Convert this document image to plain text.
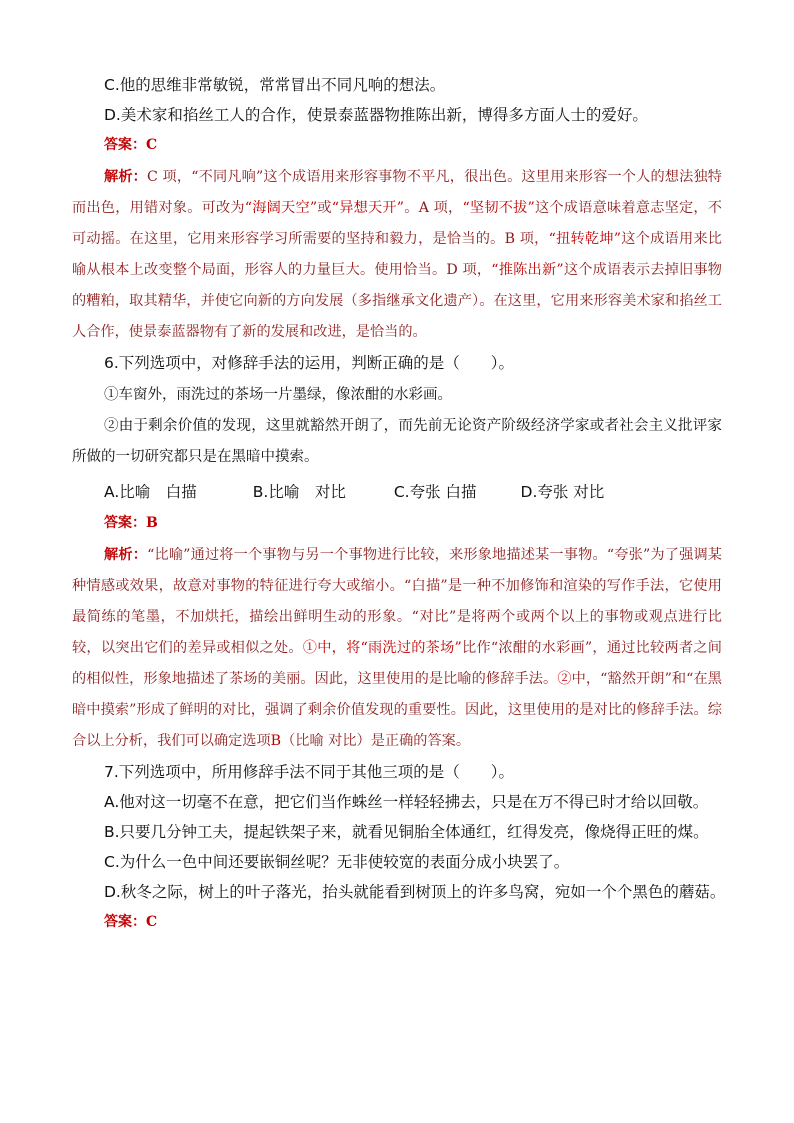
C.他的思维非常敏锐，常常冒出不同凡响的想法。

D.美术家和掐丝工人的合作，使景泰蓝器物推陈出新，博得多方面人士的爱好。

答案：C

解析：C 项，“不同凡响”这个成语用来形容事物不平凡，很出色。这里用来形容一个人的想法独特而出色，用错对象。可改为“海阔天空”或“异想天开”。A 项，“坚韧不拔”这个成语意味着意志坚定，不可动摇。在这里，它用来形容学习所需要的坚持和毅力，是恰当的。B 项，“扭转乾坤”这个成语用来比喻从根本上改变整个局面，形容人的力量巨大。使用恰当。D 项，“推陈出新”这个成语表示去掉旧事物的糟粕，取其精华，并使它向新的方向发展（多指继承文化遗产）。在这里，它用来形容美术家和掐丝工人合作，使景泰蓝器物有了新的发展和改进，是恰当的。

6.下列选项中，对修辞手法的运用，判断正确的是（　　）。

①车窗外，雨洗过的茶场一片墨绿，像浓酣的水彩画。

②由于剩余价值的发现，这里就豁然开朗了，而先前无论资产阶级经济学家或者社会主义批评家所做的一切研究都只是在黑暗中摸索。

A.比喻　白描	B.比喻　对比	C.夸张 白描	D.夸张 对比

答案：B

解析：“比喻”通过将一个事物与另一个事物进行比较，来形象地描述某一事物。“夸张”为了强调某种情感或效果，故意对事物的特征进行夸大或缩小。“白描”是一种不加修饰和渲染的写作手法，它使用最简练的笔墨，不加烘托，描绘出鲜明生动的形象。“对比”是将两个或两个以上的事物或观点进行比较，以突出它们的差异或相似之处。①中，将“雨洗过的茶场”比作“浓酣的水彩画”，通过比较两者之间的相似性，形象地描述了茶场的美丽。因此，这里使用的是比喻的修辞手法。②中，“豁然开朗”和“在黑暗中摸索”形成了鲜明的对比，强调了剩余价值发现的重要性。因此，这里使用的是对比的修辞手法。综合以上分析，我们可以确定选项B（比喻 对比）是正确的答案。

7.下列选项中，所用修辞手法不同于其他三项的是（　　）。

A.他对这一切毫不在意，把它们当作蛛丝一样轻轻拂去，只是在万不得已时才给以回敬。

B.只要几分钟工夫，提起铁架子来，就看见铜胎全体通红，红得发亮，像烧得正旺的煤。

C.为什么一色中间还要嵌铜丝呢？无非使较宽的表面分成小块罢了。

D.秋冬之际，树上的叶子落光，抬头就能看到树顶上的许多鸟窝，宛如一个个黑色的蘑菇。

答案：C
